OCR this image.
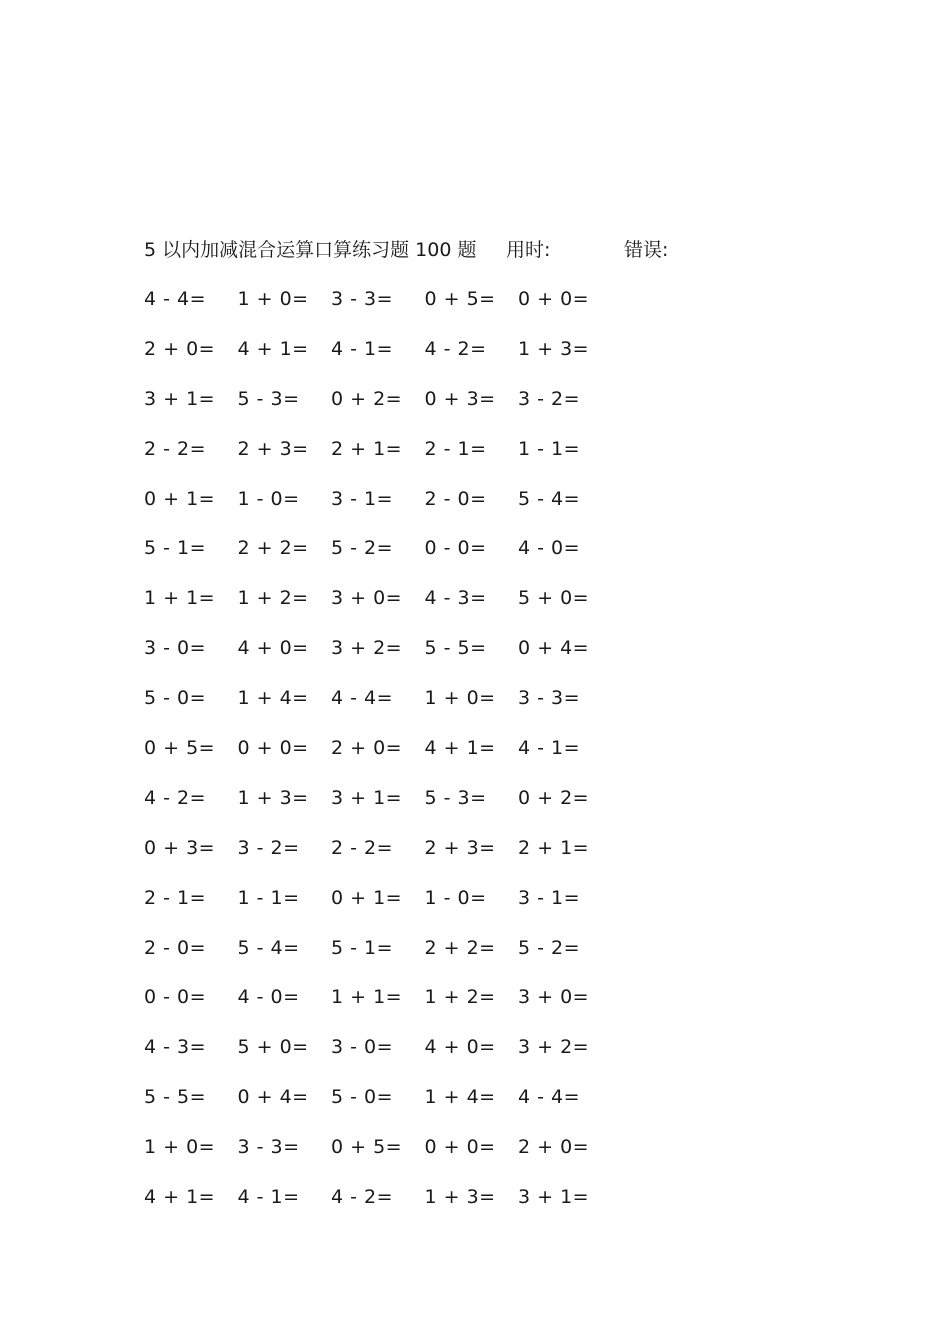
5 以内加减混合运算口算练习题 100 题 用时:	错误:
4 - 4= 1 + 0= 3 - 3= 0 + 5= 0 + 0=
2 + 0= 4 + 1= 4 - 1= 4 - 2= 1 + 3=
3 + 1= 5 - 3= 0 + 2= 0 + 3= 3 - 2=
2 - 2= 2 + 3= 2 + 1= 2 - 1= 1 - 1=
0 + 1= 1 - 0= 3 - 1= 2 - 0= 5 - 4=
5 - 1= 2 + 2= 5 - 2= 0 - 0= 4 - 0=
1 + 1= 1 + 2= 3 + 0= 4 - 3= 5 + 0=
3 - 0= 4 + 0= 3 + 2= 5 - 5= 0 + 4=
5 - 0= 1 + 4= 4 - 4= 1 + 0= 3 - 3=
0 + 5= 0 + 0= 2 + 0= 4 + 1= 4 - 1=
4 - 2= 1 + 3= 3 + 1= 5 - 3= 0 + 2=
0 + 3= 3 - 2= 2 - 2= 2 + 3= 2 + 1=
2 - 1= 1 - 1= 0 + 1= 1 - 0= 3 - 1=
2 - 0= 5 - 4= 5 - 1= 2 + 2= 5 - 2=
0 - 0= 4 - 0= 1 + 1= 1 + 2= 3 + 0=
4 - 3= 5 + 0= 3 - 0= 4 + 0= 3 + 2=
5 - 5= 0 + 4= 5 - 0= 1 + 4= 4 - 4=
1 + 0= 3 - 3= 0 + 5= 0 + 0= 2 + 0=
4 + 1= 4 - 1= 4 - 2= 1 + 3= 3 + 1=
